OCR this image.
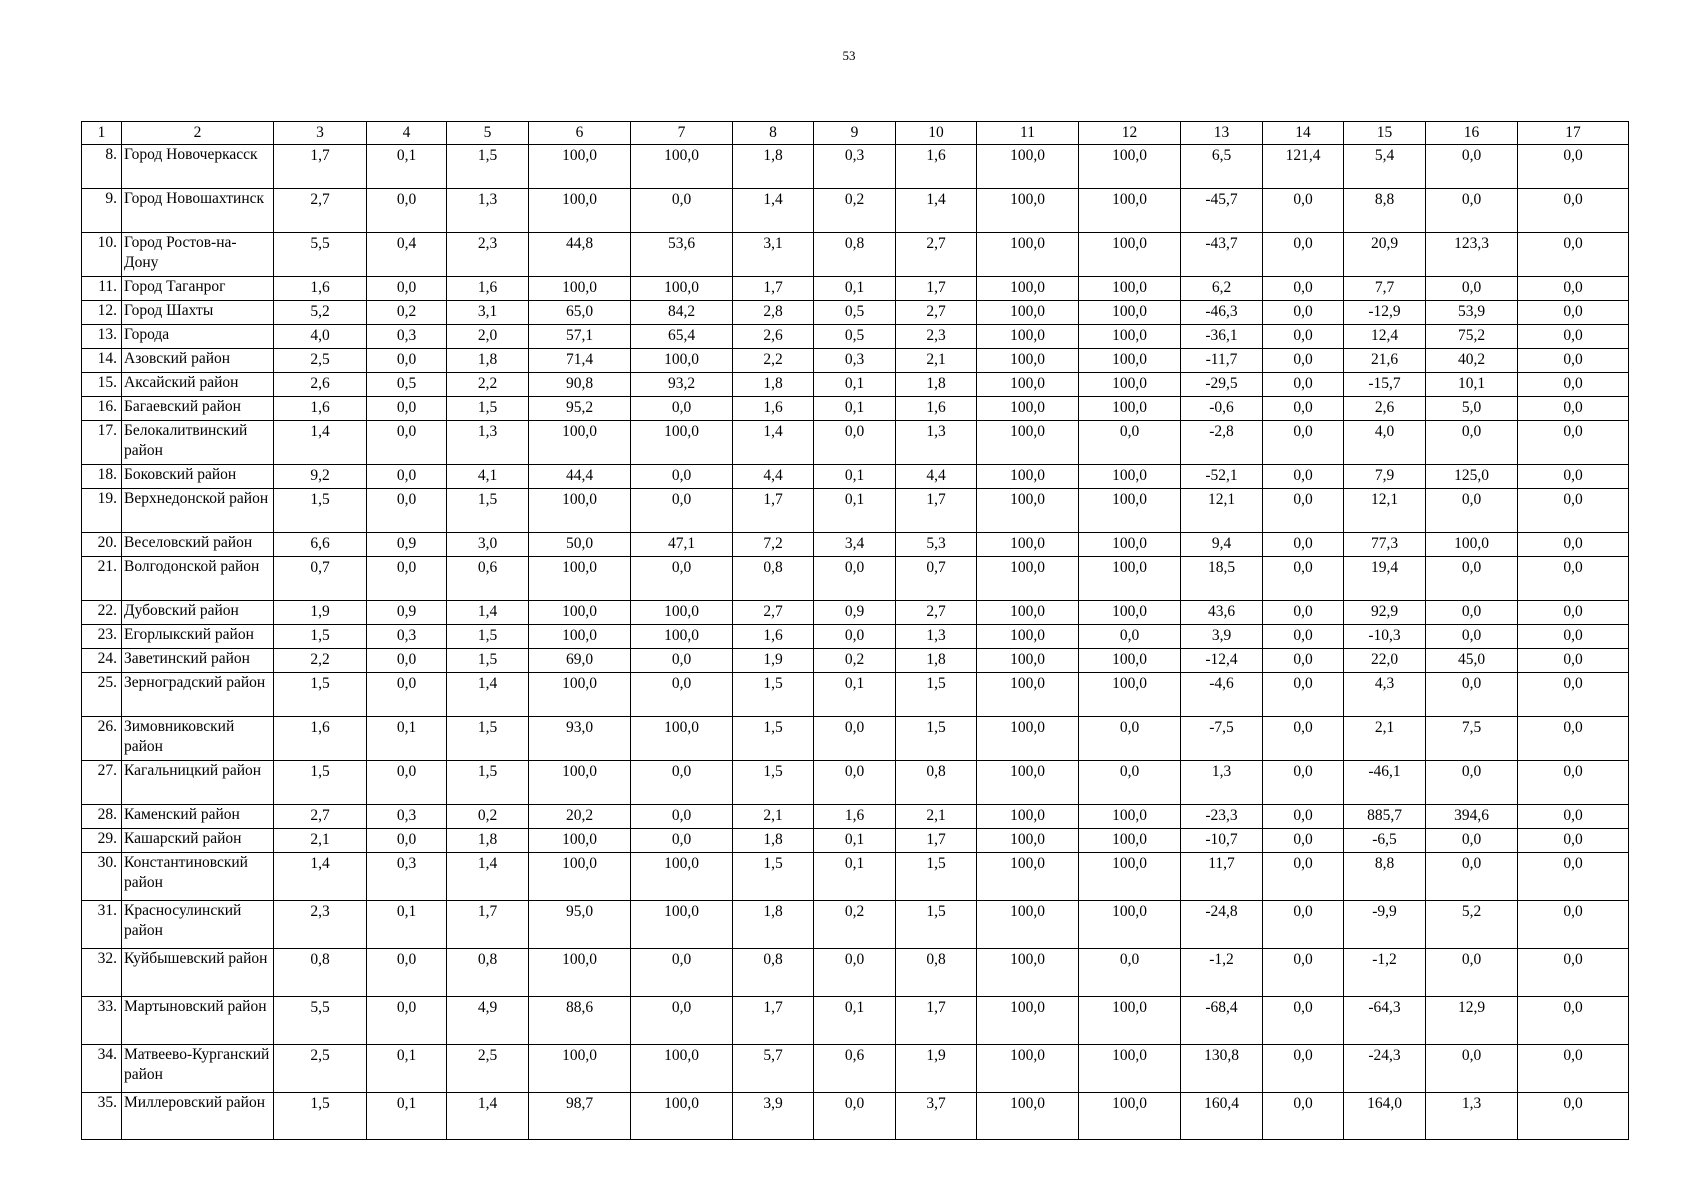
53
1	2	3	4	5	6	7	8	9	10	11	12	13	14	15	16	17
8.	Город Новочеркасск	1,7	0,1	1,5	100,0	100,0	1,8	0,3	1,6	100,0	100,0	6,5	121,4	5,4	0,0	0,0
9.	Город Новошахтинск	2,7	0,0	1,3	100,0	0,0	1,4	0,2	1,4	100,0	100,0	-45,7	0,0	8,8	0,0	0,0
10.	Город Ростов-на-Дону	5,5	0,4	2,3	44,8	53,6	3,1	0,8	2,7	100,0	100,0	-43,7	0,0	20,9	123,3	0,0
11.	Город Таганрог	1,6	0,0	1,6	100,0	100,0	1,7	0,1	1,7	100,0	100,0	6,2	0,0	7,7	0,0	0,0
12.	Город Шахты	5,2	0,2	3,1	65,0	84,2	2,8	0,5	2,7	100,0	100,0	-46,3	0,0	-12,9	53,9	0,0
13.	Города	4,0	0,3	2,0	57,1	65,4	2,6	0,5	2,3	100,0	100,0	-36,1	0,0	12,4	75,2	0,0
14.	Азовский район	2,5	0,0	1,8	71,4	100,0	2,2	0,3	2,1	100,0	100,0	-11,7	0,0	21,6	40,2	0,0
15.	Аксайский район	2,6	0,5	2,2	90,8	93,2	1,8	0,1	1,8	100,0	100,0	-29,5	0,0	-15,7	10,1	0,0
16.	Багаевский район	1,6	0,0	1,5	95,2	0,0	1,6	0,1	1,6	100,0	100,0	-0,6	0,0	2,6	5,0	0,0
17.	Белокалитвинский район	1,4	0,0	1,3	100,0	100,0	1,4	0,0	1,3	100,0	0,0	-2,8	0,0	4,0	0,0	0,0
18.	Боковский район	9,2	0,0	4,1	44,4	0,0	4,4	0,1	4,4	100,0	100,0	-52,1	0,0	7,9	125,0	0,0
19.	Верхнедонской район	1,5	0,0	1,5	100,0	0,0	1,7	0,1	1,7	100,0	100,0	12,1	0,0	12,1	0,0	0,0
20.	Веселовский район	6,6	0,9	3,0	50,0	47,1	7,2	3,4	5,3	100,0	100,0	9,4	0,0	77,3	100,0	0,0
21.	Волгодонской район	0,7	0,0	0,6	100,0	0,0	0,8	0,0	0,7	100,0	100,0	18,5	0,0	19,4	0,0	0,0
22.	Дубовский район	1,9	0,9	1,4	100,0	100,0	2,7	0,9	2,7	100,0	100,0	43,6	0,0	92,9	0,0	0,0
23.	Егорлыкский район	1,5	0,3	1,5	100,0	100,0	1,6	0,0	1,3	100,0	0,0	3,9	0,0	-10,3	0,0	0,0
24.	Заветинский район	2,2	0,0	1,5	69,0	0,0	1,9	0,2	1,8	100,0	100,0	-12,4	0,0	22,0	45,0	0,0
25.	Зерноградский район	1,5	0,0	1,4	100,0	0,0	1,5	0,1	1,5	100,0	100,0	-4,6	0,0	4,3	0,0	0,0
26.	Зимовниковский район	1,6	0,1	1,5	93,0	100,0	1,5	0,0	1,5	100,0	0,0	-7,5	0,0	2,1	7,5	0,0
27.	Кагальницкий район	1,5	0,0	1,5	100,0	0,0	1,5	0,0	0,8	100,0	0,0	1,3	0,0	-46,1	0,0	0,0
28.	Каменский район	2,7	0,3	0,2	20,2	0,0	2,1	1,6	2,1	100,0	100,0	-23,3	0,0	885,7	394,6	0,0
29.	Кашарский район	2,1	0,0	1,8	100,0	0,0	1,8	0,1	1,7	100,0	100,0	-10,7	0,0	-6,5	0,0	0,0
30.	Константиновский район	1,4	0,3	1,4	100,0	100,0	1,5	0,1	1,5	100,0	100,0	11,7	0,0	8,8	0,0	0,0
31.	Красносулинский район	2,3	0,1	1,7	95,0	100,0	1,8	0,2	1,5	100,0	100,0	-24,8	0,0	-9,9	5,2	0,0
32.	Куйбышевский район	0,8	0,0	0,8	100,0	0,0	0,8	0,0	0,8	100,0	0,0	-1,2	0,0	-1,2	0,0	0,0
33.	Мартыновский район	5,5	0,0	4,9	88,6	0,0	1,7	0,1	1,7	100,0	100,0	-68,4	0,0	-64,3	12,9	0,0
34.	Матвеево-Курганский район	2,5	0,1	2,5	100,0	100,0	5,7	0,6	1,9	100,0	100,0	130,8	0,0	-24,3	0,0	0,0
35.	Миллеровский район	1,5	0,1	1,4	98,7	100,0	3,9	0,0	3,7	100,0	100,0	160,4	0,0	164,0	1,3	0,0
